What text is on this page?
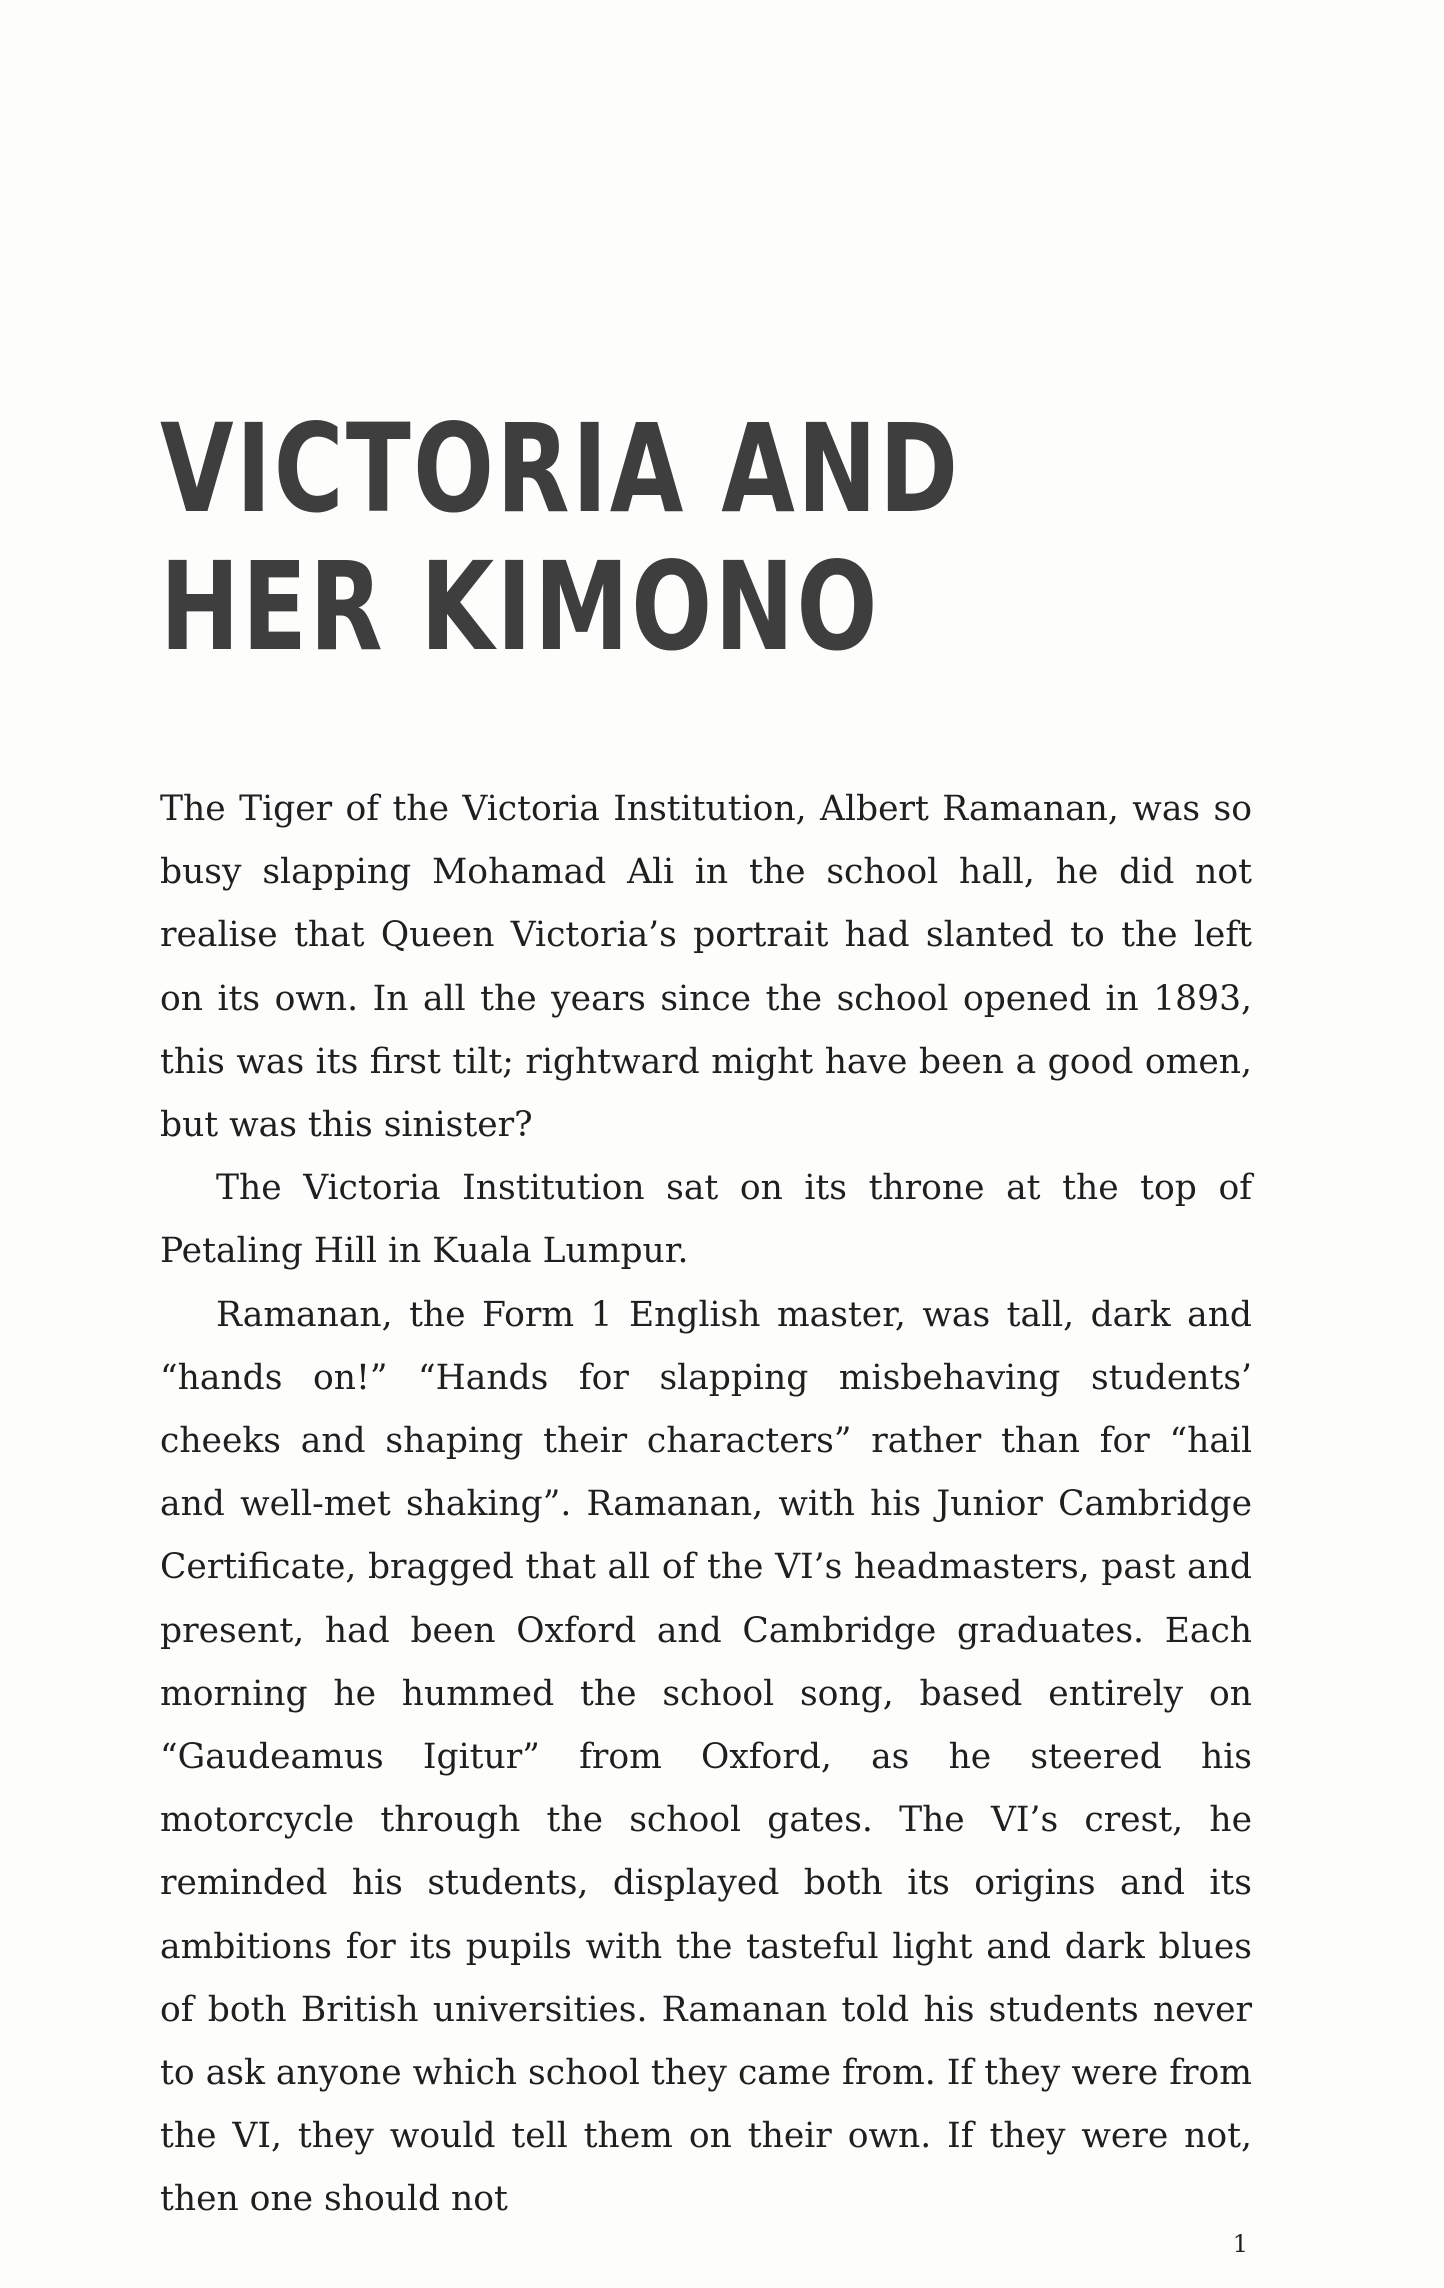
VICTORIA AND
HER KIMONO

The Tiger of the Victoria Institution, Albert Ramanan, was so busy slapping Mohamad Ali in the school hall, he did not realise that Queen Victoria’s portrait had slanted to the left on its own. In all the years since the school opened in 1893, this was its first tilt; rightward might have been a good omen, but was this sinister?

The Victoria Institution sat on its throne at the top of Petaling Hill in Kuala Lumpur.

Ramanan, the Form 1 English master, was tall, dark and “hands on!” “Hands for slapping misbehaving students’ cheeks and shaping their characters” rather than for “hail and well-met shaking”. Ramanan, with his Junior Cambridge Certificate, bragged that all of the VI’s headmasters, past and present, had been Oxford and Cambridge graduates. Each morning he hummed the school song, based entirely on “Gaudeamus Igitur” from Oxford, as he steered his motorcycle through the school gates. The VI’s crest, he reminded his students, displayed both its origins and its ambitions for its pupils with the tasteful light and dark blues of both British universities. Ramanan told his students never to ask anyone which school they came from. If they were from the VI, they would tell them on their own. If they were not, then one should not

1
